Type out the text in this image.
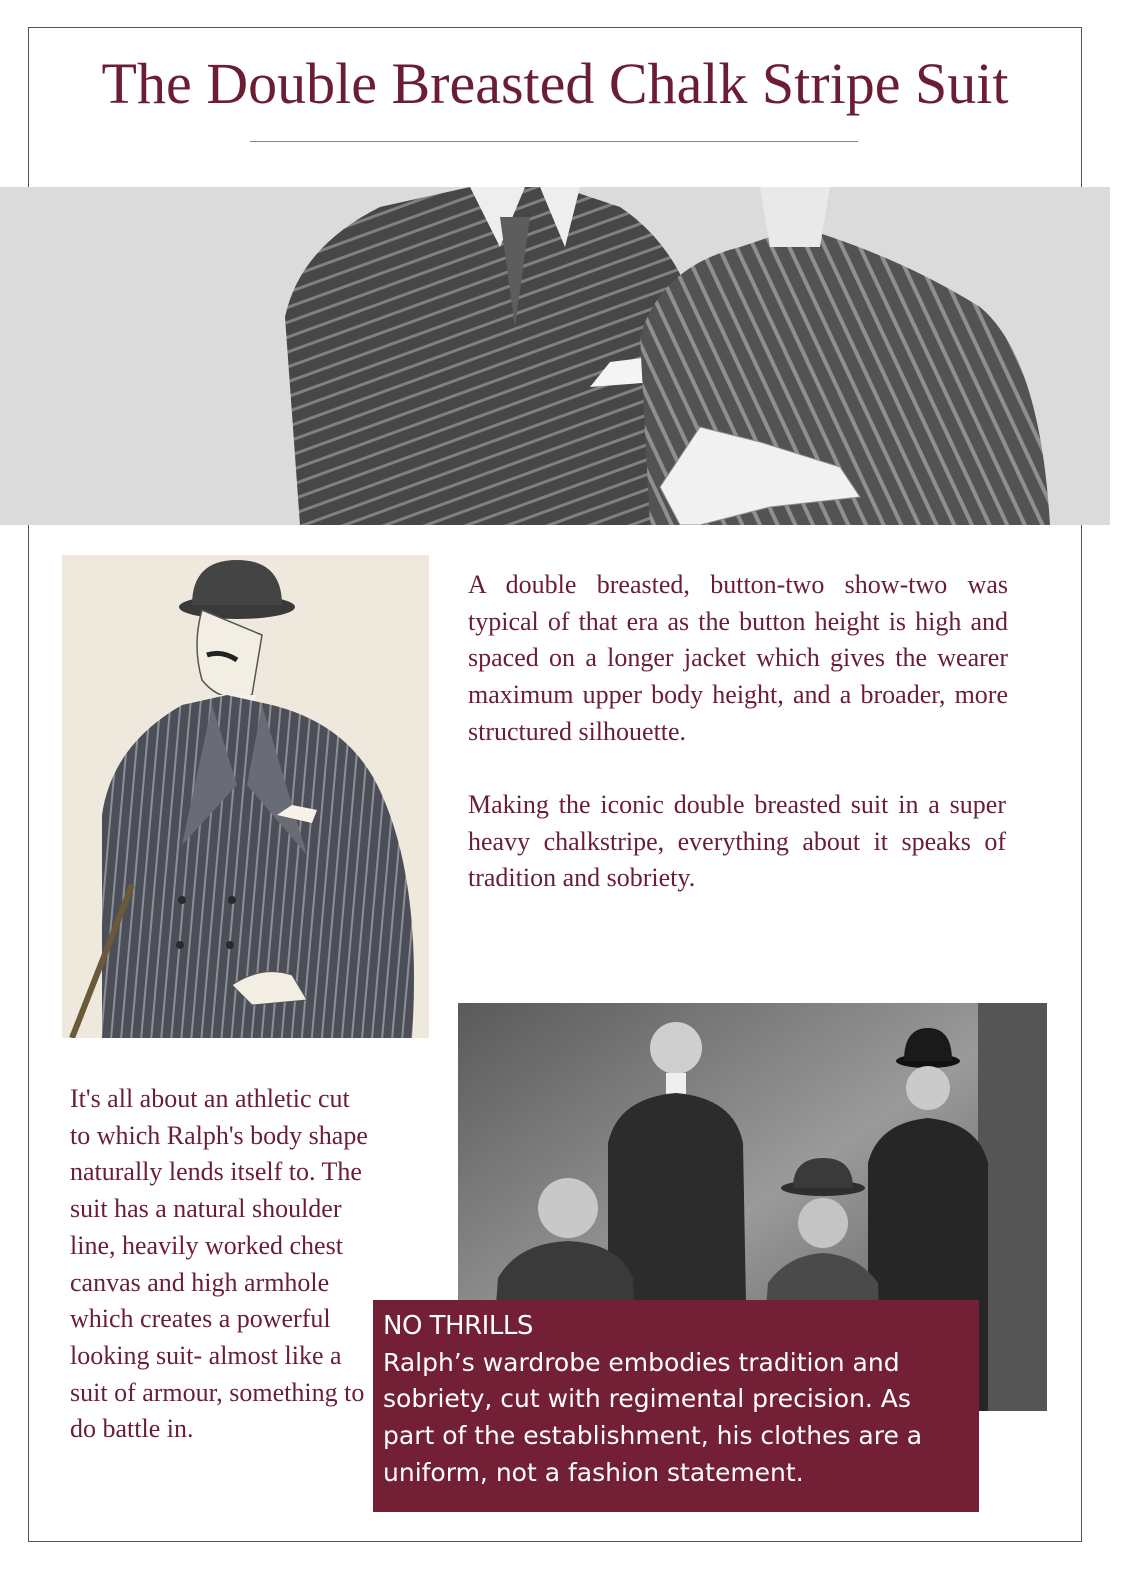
The Double Breasted Chalk Stripe Suit

A double breasted, button-two show-two was typical of that era as the button height is high and spaced on a longer jacket which gives the wearer maximum upper body height, and a broader, more structured silhouette.

Making the iconic double breasted suit in a super heavy chalkstripe, everything about it speaks of tradition and sobriety.

It's all about an athletic cut to which Ralph's body shape naturally lends itself to. The suit has a natural shoulder line, heavily worked chest canvas and high armhole which creates a powerful looking suit- almost like a suit of armour, something to do battle in.

NO THRILLS
Ralph’s wardrobe embodies tradition and sobriety, cut with regimental precision. As part of the establishment, his clothes are a uniform, not a fashion statement.
